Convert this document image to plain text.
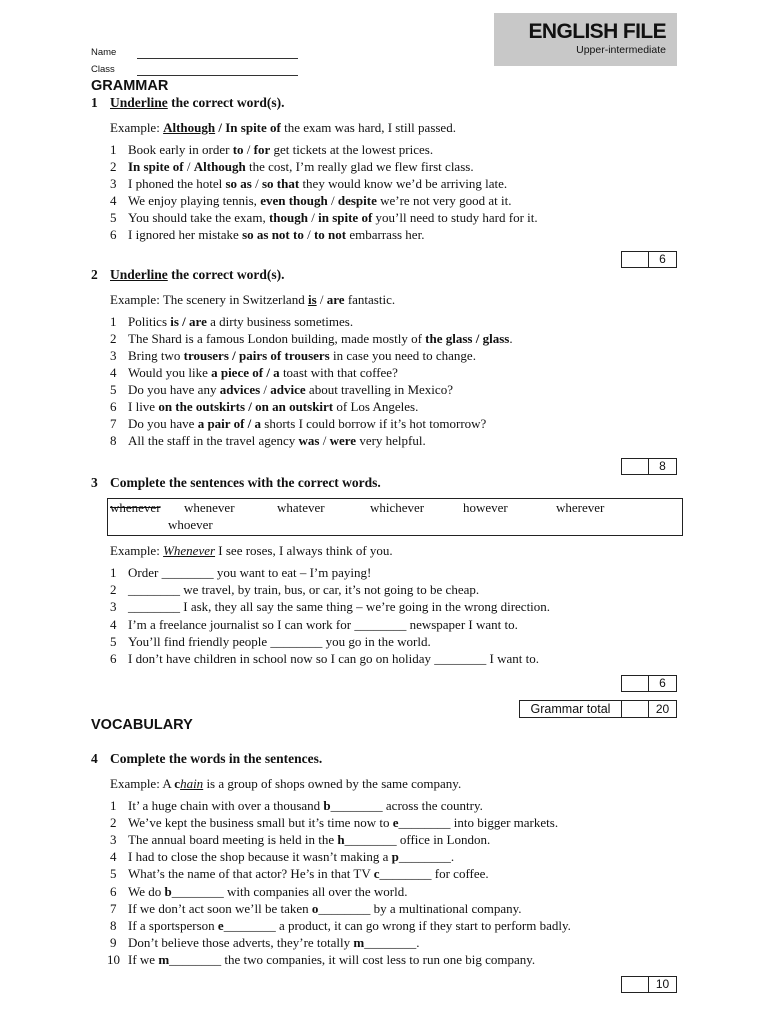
ENGLISH FILE
Upper-intermediate
Name
Class
GRAMMAR
1 Underline the correct word(s).
Example: Although / In spite of the exam was hard, I still passed.
1 Book early in order to / for get tickets at the lowest prices.
2 In spite of / Although the cost, I’m really glad we flew first class.
3 I phoned the hotel so as / so that they would know we’d be arriving late.
4 We enjoy playing tennis, even though / despite we’re not very good at it.
5 You should take the exam, though / in spite of you’ll need to study hard for it.
6 I ignored her mistake so as not to / to not embarrass her.
6
2 Underline the correct word(s).
Example: The scenery in Switzerland is / are fantastic.
1 Politics is / are a dirty business sometimes.
2 The Shard is a famous London building, made mostly of the glass / glass.
3 Bring two trousers / pairs of trousers in case you need to change.
4 Would you like a piece of / a toast with that coffee?
5 Do you have any advices / advice about travelling in Mexico?
6 I live on the outskirts / on an outskirt of Los Angeles.
7 Do you have a pair of / a shorts I could borrow if it’s hot tomorrow?
8 All the staff in the travel agency was / were very helpful.
8
3 Complete the sentences with the correct words.
whenever whenever	whatever	whichever	however	wherever
whoever
Example: Whenever I see roses, I always think of you.
1 Order ________ you want to eat – I’m paying!
2 ________ we travel, by train, bus, or car, it’s not going to be cheap.
3 ________ I ask, they all say the same thing – we’re going in the wrong direction.
4 I’m a freelance journalist so I can work for ________ newspaper I want to.
5 You’ll find friendly people ________ you go in the world.
6 I don’t have children in school now so I can go on holiday ________ I want to.
6
Grammar total	20
VOCABULARY
4 Complete the words in the sentences.
Example: A chain is a group of shops owned by the same company.
1 It’ a huge chain with over a thousand b________ across the country.
2 We’ve kept the business small but it’s time now to e________ into bigger markets.
3 The annual board meeting is held in the h________ office in London.
4 I had to close the shop because it wasn’t making a p________.
5 What’s the name of that actor? He’s in that TV c________ for coffee.
6 We do b________ with companies all over the world.
7 If we don’t act soon we’ll be taken o________ by a multinational company.
8 If a sportsperson e________ a product, it can go wrong if they start to perform badly.
9 Don’t believe those adverts, they’re totally m________.
10 If we m________ the two companies, it will cost less to run one big company.
10
